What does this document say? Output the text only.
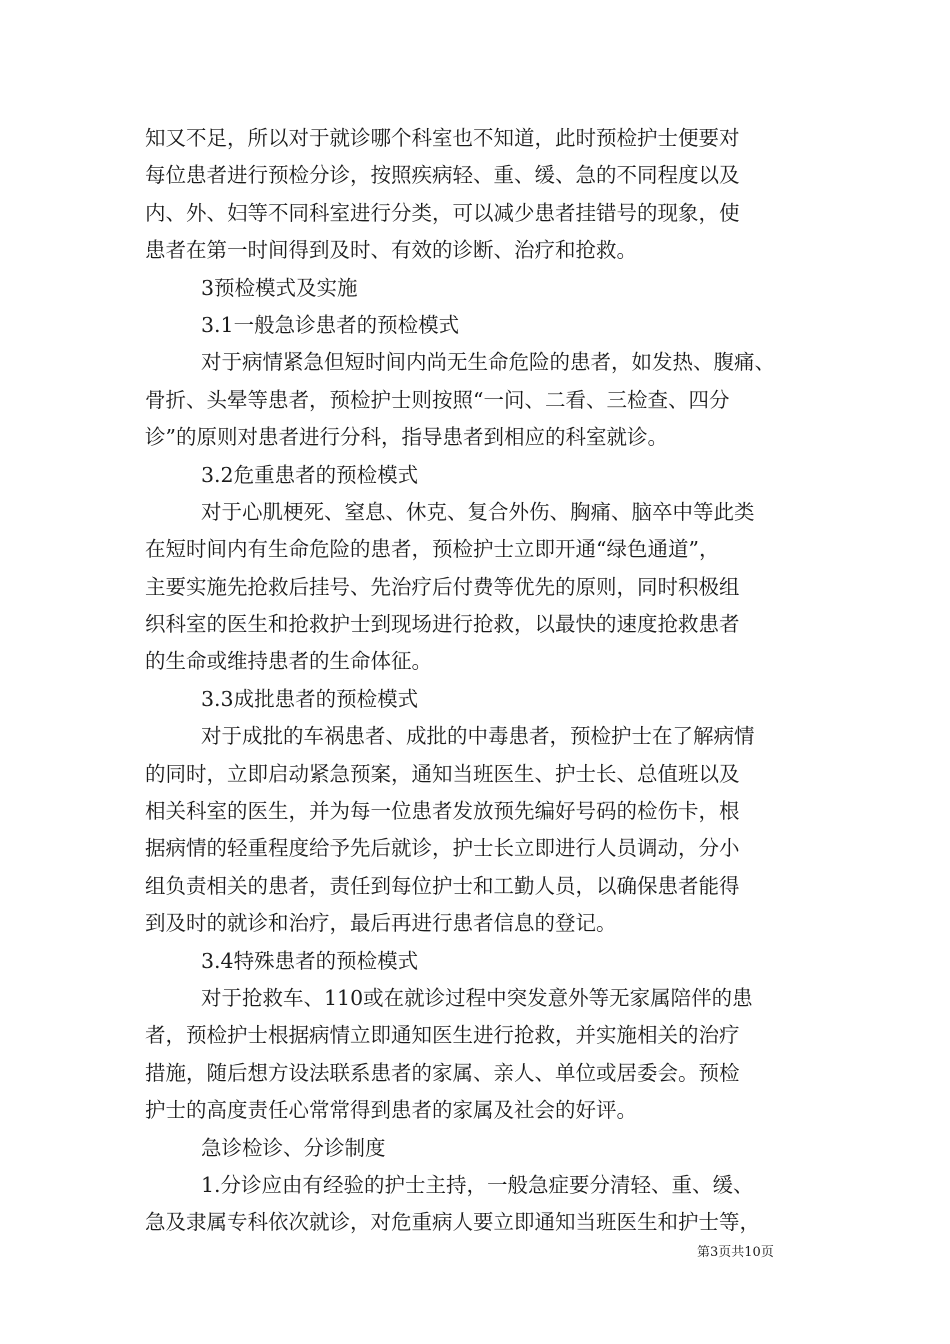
知又不足，所以对于就诊哪个科室也不知道，此时预检护士便要对
每位患者进行预检分诊，按照疾病轻、重、缓、急的不同程度以及
内、外、妇等不同科室进行分类，可以减少患者挂错号的现象，使
患者在第一时间得到及时、有效的诊断、治疗和抢救。
3预检模式及实施
3.1一般急诊患者的预检模式
对于病情紧急但短时间内尚无生命危险的患者，如发热、腹痛、
骨折、头晕等患者，预检护士则按照“一问、二看、三检查、四分
诊”的原则对患者进行分科，指导患者到相应的科室就诊。
3.2危重患者的预检模式
对于心肌梗死、窒息、休克、复合外伤、胸痛、脑卒中等此类
在短时间内有生命危险的患者，预检护士立即开通“绿色通道”，
主要实施先抢救后挂号、先治疗后付费等优先的原则，同时积极组
织科室的医生和抢救护士到现场进行抢救，以最快的速度抢救患者
的生命或维持患者的生命体征。
3.3成批患者的预检模式
对于成批的车祸患者、成批的中毒患者，预检护士在了解病情
的同时，立即启动紧急预案，通知当班医生、护士长、总值班以及
相关科室的医生，并为每一位患者发放预先编好号码的检伤卡，根
据病情的轻重程度给予先后就诊，护士长立即进行人员调动，分小
组负责相关的患者，责任到每位护士和工勤人员，以确保患者能得
到及时的就诊和治疗，最后再进行患者信息的登记。
3.4特殊患者的预检模式
对于抢救车、110或在就诊过程中突发意外等无家属陪伴的患
者，预检护士根据病情立即通知医生进行抢救，并实施相关的治疗
措施，随后想方设法联系患者的家属、亲人、单位或居委会。预检
护士的高度责任心常常得到患者的家属及社会的好评。
急诊检诊、分诊制度
1.分诊应由有经验的护士主持，一般急症要分清轻、重、缓、
急及隶属专科依次就诊，对危重病人要立即通知当班医生和护士等，
第3页共10页
